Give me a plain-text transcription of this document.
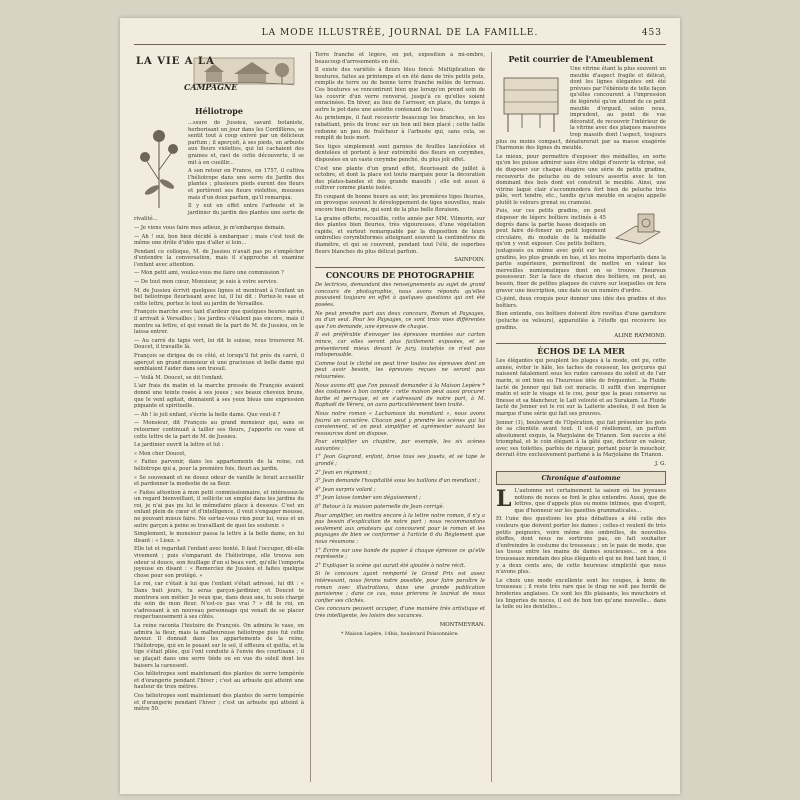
LA MODE ILLUSTRÉE, JOURNAL DE LA FAMILLE.	453
LA VIE A LA
CAMPAGNE
Héliotrope

...ssure de Jussieu, savant botaniste, herborisant un jour dans les Cordillères, se sentit tout à coup enivré par un délicieux parfum ; il aperçoit, à ses pieds, un arbuste aux fleurs violettes, qui lui cachaient des graines et, ravi de cette découverte, il se mit à en cueillir...

A son retour en France, en 1757, il cultiva l'héliotrope dans une serre du Jardin des plantes ; plusieurs pieds eurent des fleurs et portèrent ses fleurs violettes, mousses mais d'un doux parfum, qu'il remarqua.

Il y eut en effet entre l'arbuste et le jardinier du jardin des plantes une sorte de rivalité...

— Je viens vous faire mes adieux, je m'embarque demain.

— Ah ! oui, bon bien décidé à embarquer ; mais c'est tout de même une drôle d'idée que d'aller si loin...

Pendant ce colloque, M. de Jussieu n'avait pas pu s'empêcher d'entendre la conversation, mais il s'approche et examine l'enfant avec attention.

— Mon petit ami, voulez-vous me faire une commission ?

— De tout mon cœur, Monsieur, je suis à votre service.

M. de Jussieu écrivit quelques lignes et montrant à l'enfant un bel héliotrope fleurissant avec lui, il lui dit : Portez-le vase et cette lettre, portez le tout au jardin de Versailles.

François marche avec tant d'ardeur que quelques heures après, il arrivait à Versailles ; les jardins s'étalent pas encore, mais il montre sa lettre, et qui venait de la part de M. de Jussieu, on le laissa entrer.

— Au carré du tapis vert, loi dit le suisse, vous trouverez M. Doucet, il travaille là.

François se dirigea de ce côté, et lorsqu'il fut près du carré, il aperçut un grand monsieur et une gracieuse et belle dame qui semblaient l'aider dans son travail.

— Voilà M. Doucet, se dit l'enfant.

L'air frais du matin et la marche pressée de François avaient donné une teinte rosée à ses joues ; ses beaux cheveux bruns, que le vent agitait, donnaient à ses yeux bleus une expression piquante et spirituelle.

— Ah ! le joli enfant, s'écrie la belle dame. Que veut-il ?

— Monsieur, dit François au grand monsieur qui, sans se retourner continuait à tailler ses fleurs, j'apporte ce vase et cette lettre de la part de M. de Jussieu.

Le jardinier ouvrit la lettre et lut :

« Mon cher Doucet,

« Faites parvenir, dans les appartements de la reine, cet héliotrope qui a, pour la première fois, fleuri au jardin.

« Se souvenant et ne douez odeur de vanille le ferait accueillir et pardonner la modestie de sa fleur.

« Faites attention à mon petit commissionnaire, et intéressez-le un regard bienveillant, il sollicite un emploi dans les jardins du roi, je n'ai pas pu lui le mêmefaire place à dessous. C'est un enfant plein de cœur et d'intelligence, il veut s'engager mousse, ne pouvant mieux faire. Ne sortez-vous rien pour lui, vous et un autre garçon à peine se travaillant de quoi les soutenir. »

Simplement, le monsieur passa la lettre à la belle dame, en lui disant : « Lisez. »

Elle lut et regardait l'enfant avec bonté. Il faut l'occuper, dit-elle vivement ; puis s'emparant de l'héliotrope, elle trouva son odeur si douce, son feuillage d'un si beau vert, qu'elle l'emporta joyeuse en disant : « Remerciez de Jussieu et faites quelque chose pour son protégé. »

Le roi, car c'était à lui que l'enfant s'était adressé, lui dit : « Dans huit jours, tu seras garçon-jardinier, et Doucet te montrera son métier. Je veux que, dans deux ans, tu sois chargé du soin de mon fleur. N'est-ce pas vrai ? » dit le roi, en s'adressant à un nouveau personnage qui venait de se placer respectueusement à ses côtés.

La reine raconta l'histoire de François. On admira le vase, on admira la fleur, mais la malheureuse héliotrope puis fut cette faveur. Il donnait dans les appartements de la reine, l'héliotrope, qui en le posant sur le sol, il effleura et quitta, et la tige s'était pliée, qui l'ont conduite à l'envie des courtisans ; il se plaçait dans une serre tiède ou en vue du soleil dont les baisers la caressent.

Ces héliotropes sont maintenant des plantes de serre tempérée et d'orangerie pendant l'hiver ; c'est au arbuste qui atteint une hauteur de trois mètres.

Ces héliotropes sont maintenant des plantes de serre tempérée et d'orangerie pendant l'hiver ; c'est un arbuste qui atteint à mètre 50.

Terre franche et légère, en pot, exposition à mi-ombre, beaucoup d'arrosements en été.

Il existe des variétés à fleurs bleu foncé. Multiplication de boutures, faites au printemps et en été dans de très petits pots, remplis de terre ou de bonne terre franche mêlée de terreau. Ces boutures se rencontrent bien que lorsqu'on prend soin de les couvrir d'un verre renversé, jusqu'à ce qu'elles soient enracinées. En hiver, au lieu de l'arroser, en place, du temps à autre le pot dans une assiette contenant de l'eau.

Au printemps, il faut recouvrir beaucoup les branches, en les rabattant, près du tronc sur un bon œil bien placé ; cette taille redonne un peu de fraîcheur à l'arbuste qui, sans cela, se remplit de bois mort.

Ses tiges simplement sont garnies de feuilles lancéolées et dentelées et portent à leur extrémité des fleurs en corymbes, disposées en un vaste corymbe penché, du plus joli effet.

C'est une plante d'un grand effet, fleurissant de juillet à octobre, et dont la place est toute marquée pour la décoration des plates-bandes et des grands massifs ; elle est aussi à cultiver comme plante isolée.

En coupant de bonne heure au soir, les premières tiges fleuries, on provoque souvent le développement de tiges nouvelles, mais encore bien fleuries, qui sont de la plus belle floraison.

La graine offerte, recueillie, cette année par MM. Vilmorin, sur des plantes bien fleuries, très vigoureuses, d'une végétation rapide, et surtout remarquable par la disposition de leurs ombrelles corymbiformes atteignant souvent la centimètres de diamètre, et qui se couvrent, pendant tout l'été, de superbes fleurs blanches du plus délicat parfum.

SAINFOIN.
CONCOURS DE PHOTOGRAPHIE

De lectrices, demandant des renseignements au sujet de grand concours de photographie, nous avons répondu qu'elles pouvaient toujours en effet à quelques questions qui ont été posées.

Ne peut prendre part aux deux concours, Roman et Paysages, ou d'un seul. Pour les Paysages, ce sont trois vues différentes que l'on demande, une épreuve de chaque.

Il est préférable d'envoyer les épreuves montées sur carton mince, car elles seront plus facilement exposées, et se présenteront mieux devant le jury, toutefois ce n'est pas indispensable.

Comme tout le cliché on peut tirer toutes les épreuves dont on peut avoir besoin, les épreuves reçues ne seront pas retournées.

Nous avons dit que l'on pouvait demander à la Maison Lepère * des costumes à bon compte : cette maison peut aussi procurer barbe et perruque, et en s'adressant de notre part, à M. Raphaël de Vérera, on aura particulièrement bien traité.

Nous notre roman « Lachamoun du mendiant », nous avons fourni un caractère. Chacun peut y prendre les scènes qui lui conviennent, et on peut simplifier et agrémenter suivant les ressources dont on dispose.

Pour simplifier un chapitre, par exemple, les six scènes suivantes :

1° Jean Gagrand, enfant, brise tous ses jouets, et se tape le grondé ;

2° Jean en régiment ;

3° Jean demande l'hospitalité sous les haillons d'un mendiant ;

4° Jean surpris volant ;

5° Jean laisse tomber son déguisement ;

6° Retour à la maison paternelle de Jean corrigé.

Pour amplifier, on mettra encore à la lettre notre roman, il n'y a pas besoin d'explication de notre part ; nous recommandons seulement aux amateurs qui concourent pour le roman et les paysages de bien se conformer à l'article 6 du Règlement que nous résumons :

1° Écrire sur une bande de papier à chaque épreuve ce qu'elle représente ;

2° Expliquer la scène qui aurait été ajoutée à notre récit.

Si le concours ayant remporté le Grand Prix est assez intéressant, nous ferons notre possible, pour faire paraître le roman avec illustrations, dans une grande publication parisienne ; dans ce cas, nous prierons le lauréat de nous confier ses clichés.

Ces concours peuvent occuper, d'une manière très artistique et très intelligente, les loisirs des vacances.

MONTMEYRAN.
* Maison Lepère, 14bis, boulevard Poissonnière.
Petit courrier de l'Ameublement

Une vitrine étant la plus souvent un meuble d'aspect fragile et délicat, dont les lignes élégantes ont été prévues par l'ébéniste de telle façon qu'elles concourent à l'impression de légèreté qu'on attend de ce petit meuble d'orgueil, selon nous, imprudent, au point de vue décoratif, de recouvrir l'intérieur de la vitrine avec des plaques massives trop massifs dont l'aspect, toujours plus ou moins compact, dénaturerait par sa masse exagérée l'harmonie des lignes du meuble.

Le mieux, pour permettre d'exposer des médailles, en sorte qu'on les puisse admirer sans être obligé d'ouvrir la vitrine, est de disposer sur chaque étagère une série de petits gradins, recouverts de peluche ou de velours assortis avec le ton dominant des bois dont est construit le meuble. Ainsi, une vitrine laqué clair s'accommodera fort bien de peluche très pâle, vert tendre, etc., tandis qu'un meuble en acajou appelle plutôt le velours grenat ou cramoisi.

Puis, sur ces petits gradins, on peut disposer de légers boîtiers inclinés à 45 degrés dans la partie basse desquels on peut faire dé-fonser un petit logement circulaire, du module de la médaille qu'on y veut exposer. Ces petits boîtiers, juxtaposés ou même avec goût sur les gradins, les plus grands en bas, et les moins importants dans la partie supérieure, permettront de mettre en valeur les merveilles numismatiques dont on se trouve l'heureux possesseur. Sur la face de chacun des boîtiers, on peut, au besoin, fixer de petites plaques de cuivre sur lesquelles on fera graver une inscription, une date ou un numéro d'ordre.

Ci-joint, deux croquis pour donner une idée des gradins et des boîtiers.

Bien entendu, ces boîtiers doivent être revêtus d'une garniture (peluche ou velours), appareillée à l'étoffe qui recouvre les gradins.

ALINE RAYMOND.
ÉCHOS DE LA MER

Les élégantes qui peuplent les plages à la mode, ont pu, cette année, éviter le hâle, les taches de rousseur, les gerçures qui naissent fatalement sous les rudes caresses du soleil et de l'air marin, si ont bien eu l'heureuse idée de fréquenter... la Fluide lacté de Jenner qui fait cet miracle. Il suffit d'en imprégner matin et soir le visage et le cou, pour que la peau conserve sa finesse et sa blancheur, le Lait velouté et au Surakam. Le Fluide lacté de Jenner est le roi sur la Laiterie absolue, il est bien la marque d'une série qui fait ses preuves.

Jenner (1), boulevard de l'Opération, qui fait présenter les pots de sa clientèle avant tout. Il est-il réellement, un parfum absolument exquis, la Marjolaine de Trianon. Son succès a été triomphal, et le coin élégant à la gâté que, docteur en valeur, avec ses toilettes, parfois de rigueur, portant pour le mouchoir, devrait être exclusivement parfumé à la Marjolaine de Trianon.

J. G.
Chronique d'automne

L L'automne est certainement la saison où les joyeuses notions de noces se font le plus entendre. Aussi, que de lettres, que d'appels plus ou moins intimes, que d'esprit, que d'honneur sur les gazettes grammaticales...

Et l'une des questions les plus débattues a été celle des couleurs que doivent porter les dames ; celles-ci veulent de très petits peignoirs, voire même des ombrelles, de nouvelles étoffes, dont nous ne sortirons pas, on fait souhaiter d'enfreindre le costume du trousseau ; on le paie de mode, que les tissus entre les mains de dames soucieuses... on a des trousseaux mondain des plus élégants et qui ne font tant bien, il y a deux cents ans, de cette heureuse simplicité que nous n'avons plus.

Le choix une mode excellente sont les coupes, à bons de trousseau ; il reste très rare que le drap ne soit pas bordé de broderies anglaises. Ce sont les fils plaisants, les mouchoirs et les lingeries de noces, il est de bon ton qu'une nouvelle... dans la toile ou les dentelles...
